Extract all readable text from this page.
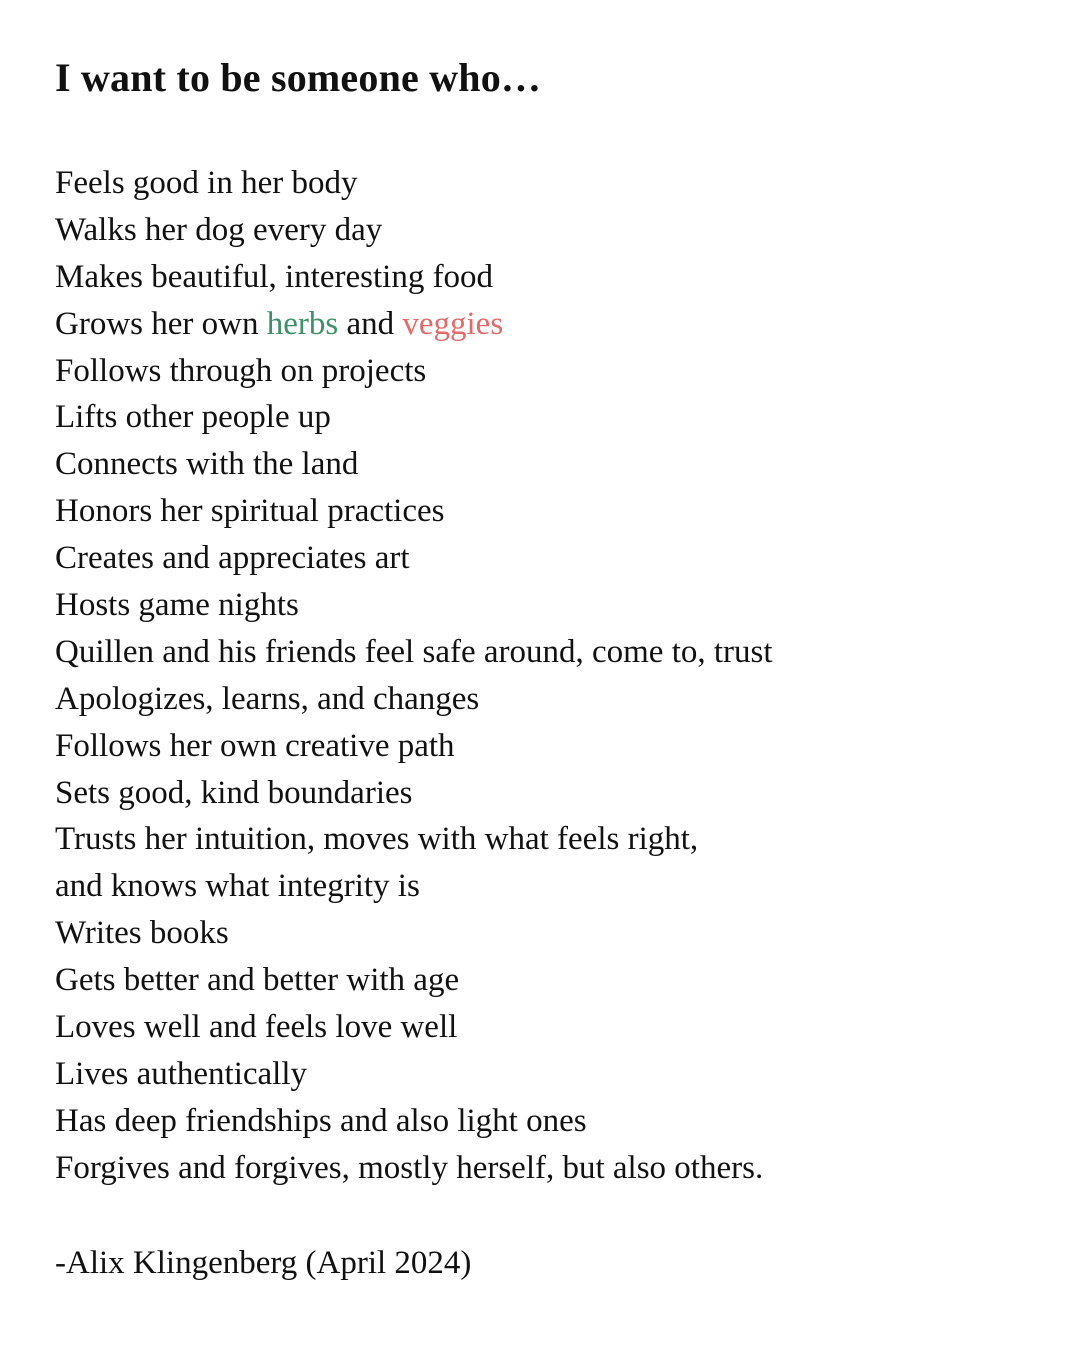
I want to be someone who…
Feels good in her body
Walks her dog every day
Makes beautiful, interesting food
Grows her own herbs and veggies
Follows through on projects
Lifts other people up
Connects with the land
Honors her spiritual practices
Creates and appreciates art
Hosts game nights
Quillen and his friends feel safe around, come to, trust
Apologizes, learns, and changes
Follows her own creative path
Sets good, kind boundaries
Trusts her intuition, moves with what feels right,
and knows what integrity is
Writes books
Gets better and better with age
Loves well and feels love well
Lives authentically
Has deep friendships and also light ones
Forgives and forgives, mostly herself, but also others.

-Alix Klingenberg (April 2024)
